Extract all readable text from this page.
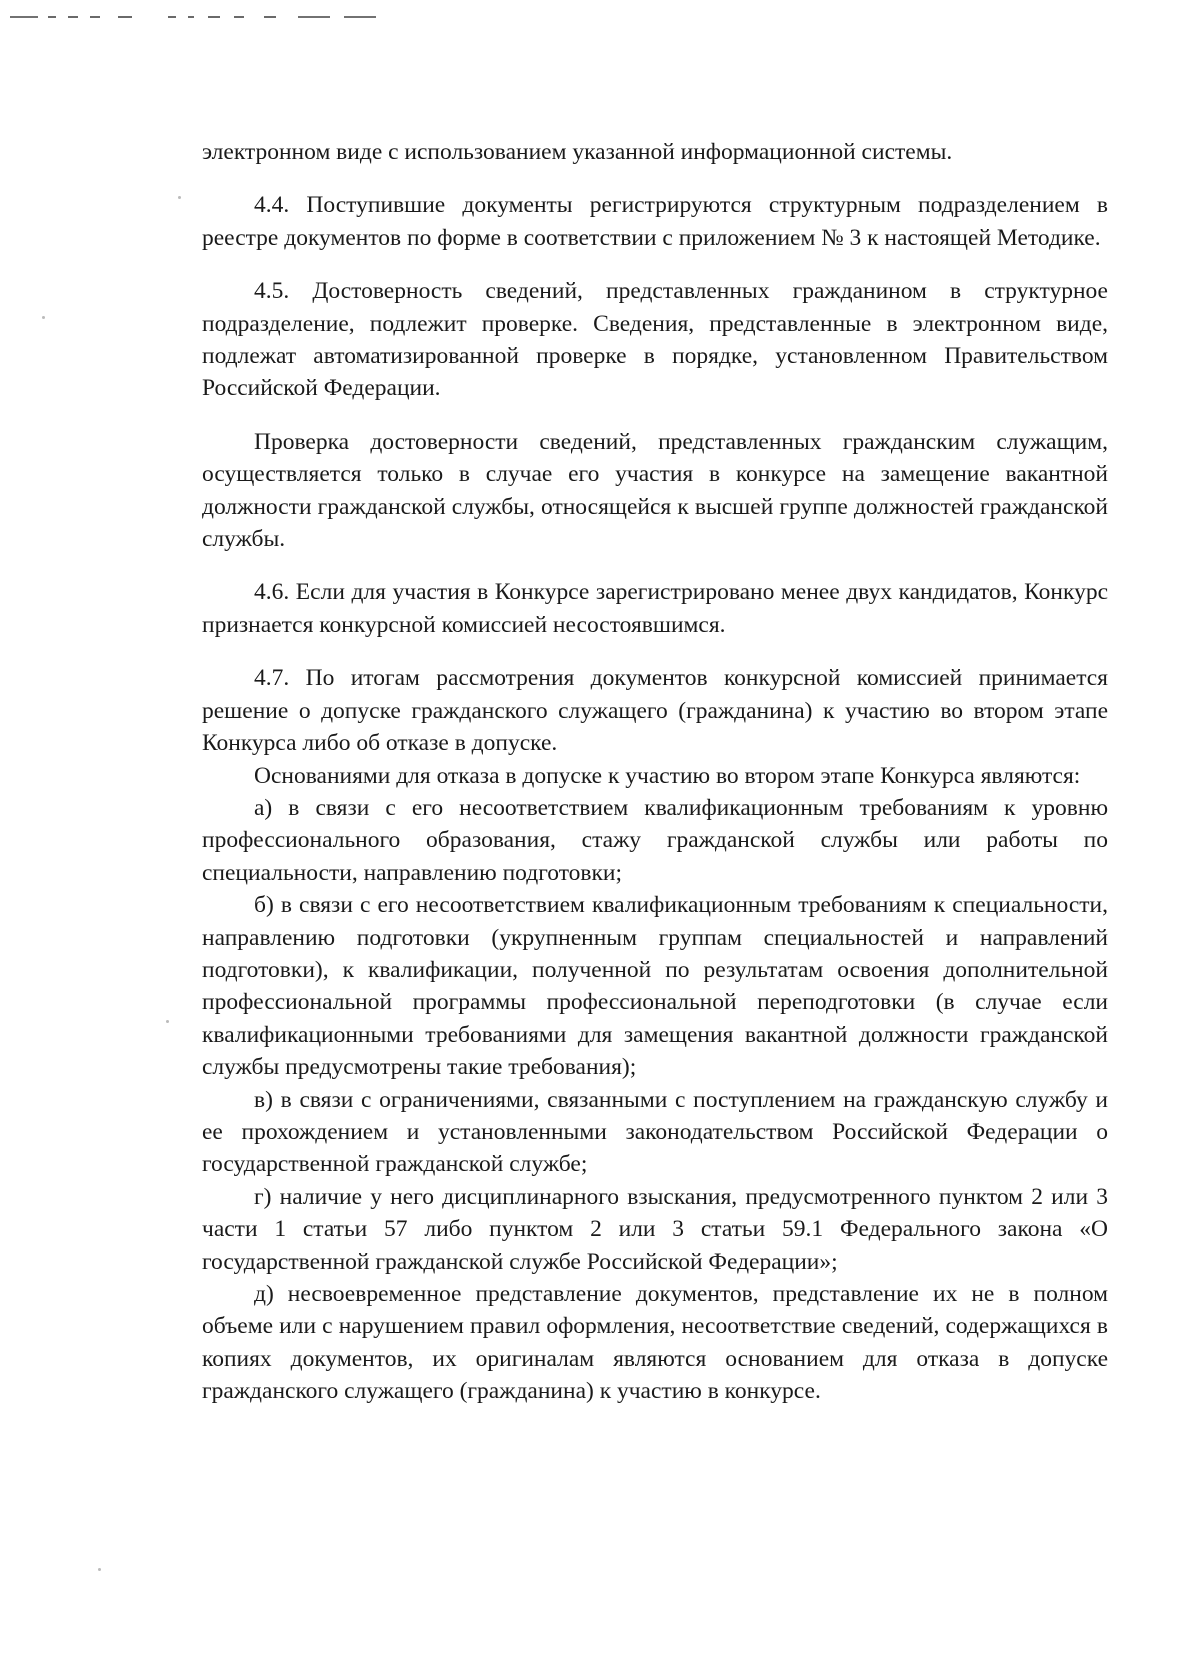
электронном виде с использованием указанной информационной системы.

4.4. Поступившие документы регистрируются структурным подразделением в реестре документов по форме в соответствии с приложением № 3 к настоящей Методике.

4.5. Достоверность сведений, представленных гражданином в структурное подразделение, подлежит проверке. Сведения, представленные в электронном виде, подлежат автоматизированной проверке в порядке, установленном Правительством Российской Федерации.

Проверка достоверности сведений, представленных гражданским служащим, осуществляется только в случае его участия в конкурсе на замещение вакантной должности гражданской службы, относящейся к высшей группе должностей гражданской службы.

4.6. Если для участия в Конкурсе зарегистрировано менее двух кандидатов, Конкурс признается конкурсной комиссией несостоявшимся.

4.7. По итогам рассмотрения документов конкурсной комиссией принимается решение о допуске гражданского служащего (гражданина) к участию во втором этапе Конкурса либо об отказе в допуске.

Основаниями для отказа в допуске к участию во втором этапе Конкурса являются:

а) в связи с его несоответствием квалификационным требованиям к уровню профессионального образования, стажу гражданской службы или работы по специальности, направлению подготовки;

б) в связи с его несоответствием квалификационным требованиям к специальности, направлению подготовки (укрупненным группам специальностей и направлений подготовки), к квалификации, полученной по результатам освоения дополнительной профессиональной программы профессиональной переподготовки (в случае если квалификационными требованиями для замещения вакантной должности гражданской службы предусмотрены такие требования);

в) в связи с ограничениями, связанными с поступлением на гражданскую службу и ее прохождением и установленными законодательством Российской Федерации о государственной гражданской службе;

г) наличие у него дисциплинарного взыскания, предусмотренного пунктом 2 или 3 части 1 статьи 57 либо пунктом 2 или 3 статьи 59.1 Федерального закона «О государственной гражданской службе Российской Федерации»;

д) несвоевременное представление документов, представление их не в полном объеме или с нарушением правил оформления, несоответствие сведений, содержащихся в копиях документов, их оригиналам являются основанием для отказа в допуске гражданского служащего (гражданина) к участию в конкурсе.
